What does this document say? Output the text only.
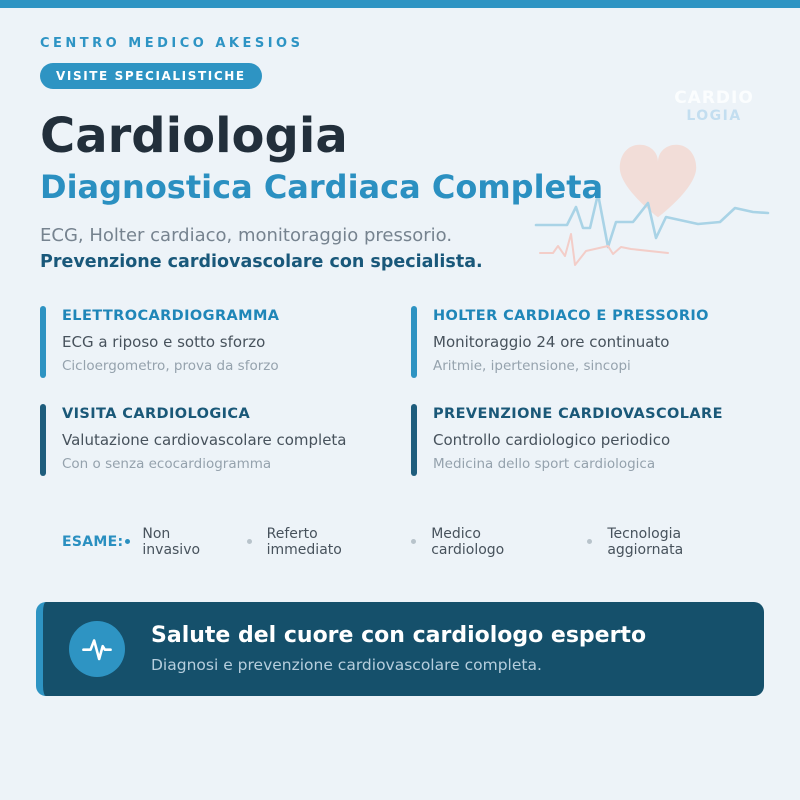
CARDIO
LOGIA
CENTRO MEDICO AKESIOS
VISITE SPECIALISTICHE
Cardiologia
Diagnostica Cardiaca Completa

ECG, Holter cardiaco, monitoraggio pressorio.

Prevenzione cardiovascolare con specialista.

ELETTROCARDIOGRAMMA
ECG a riposo e sotto sforzo
Cicloergometro, prova da sforzo
HOLTER CARDIACO E PRESSORIO
Monitoraggio 24 ore continuato
Aritmie, ipertensione, sincopi
VISITA CARDIOLOGICA
Valutazione cardiovascolare completa
Con o senza ecocardiogramma
PREVENZIONE CARDIOVASCOLARE
Controllo cardiologico periodico
Medicina dello sport cardiologica
ESAME: Non invasivo
Referto immediato
Medico cardiologo
Tecnologia aggiornata
Salute del cuore con cardiologo esperto
Diagnosi e prevenzione cardiovascolare completa.
